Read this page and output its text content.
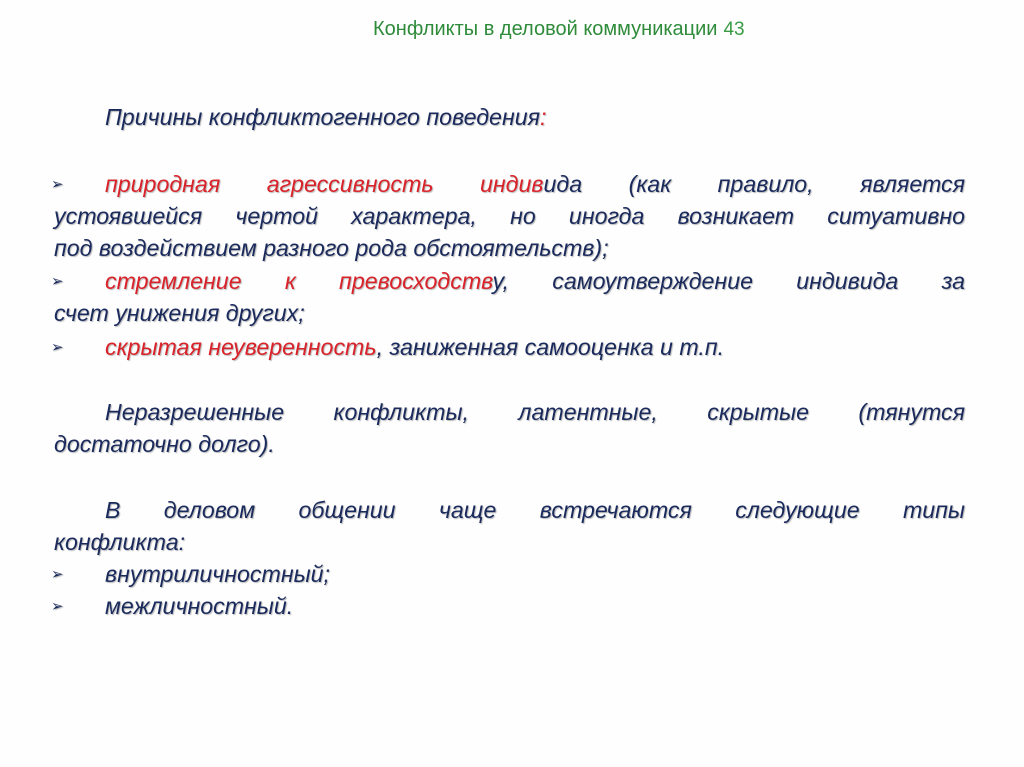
Конфликты в деловой коммуникации 43
Причины конфликтогенного поведения:
➢ природная агрессивность индивида (как правило, является
устоявшейся чертой характера, но иногда возникает ситуативно
под воздействием разного рода обстоятельств);
➢ стремление к превосходству, самоутверждение индивида за
счет унижения других;
➢ скрытая неуверенность, заниженная самооценка и т.п.
Неразрешенные конфликты, латентные, скрытые (тянутся
достаточно долго).
В деловом общении чаще встречаются следующие типы
конфликта:
➢ внутриличностный;
➢ межличностный.
